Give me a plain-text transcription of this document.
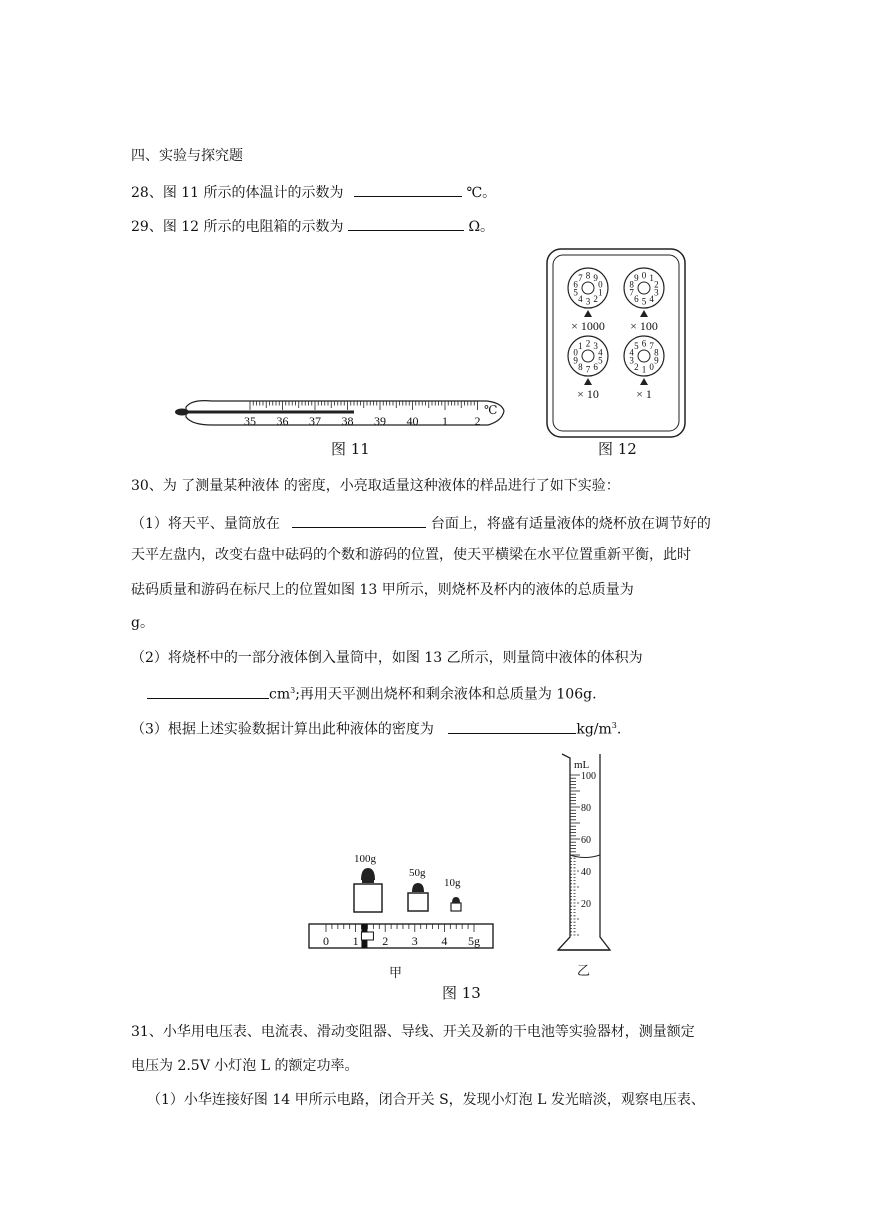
四、实验与探究题
28、图 11 所示的体温计的示数为	℃。
29、图 12 所示的电阻箱的示数为	Ω。
35 36 37 38 39 40 1 2
℃
图 11
0
1
2
3
4
5
6
7 8 9
× 1000
0 1
2
3
4
5
6
7
8
9
× 100
0
1 2 3
4
5
6
7
8
9
× 10
0
1
2
3
4
5 6 7
8
9
× 1
图 12
30、为 了测量某种液体 的密度，小亮取适量这种液体的样品进行了如下实验：
（1）将天平、量筒放在	台面上，将盛有适量液体的烧杯放在调节好的
天平左盘内，改变右盘中砝码的个数和游码的位置，使天平横梁在水平位置重新平衡，此时
砝码质量和游码在标尺上的位置如图 13 甲所示，则烧杯及杯内的液体的总质量为
g。
（2）将烧杯中的一部分液体倒入量筒中，如图 13 乙所示，则量筒中液体的体积为
$cm^3$;再用天平测出烧杯和剩余液体和总质量为 106g.
（3）根据上述实验数据计算出此种液体的密度为	$kg/m^3$.
100g
50g
10g
0 1 2 3 4 5g
甲
mL
100
80
60
40
20
乙
图 13
31、小华用电压表、电流表、滑动变阻器、导线、开关及新的干电池等实验器材，测量额定
电压为 2.5V 小灯泡 L 的额定功率。
（1）小华连接好图 14 甲所示电路，闭合开关 S，发现小灯泡 L 发光暗淡，观察电压表、
